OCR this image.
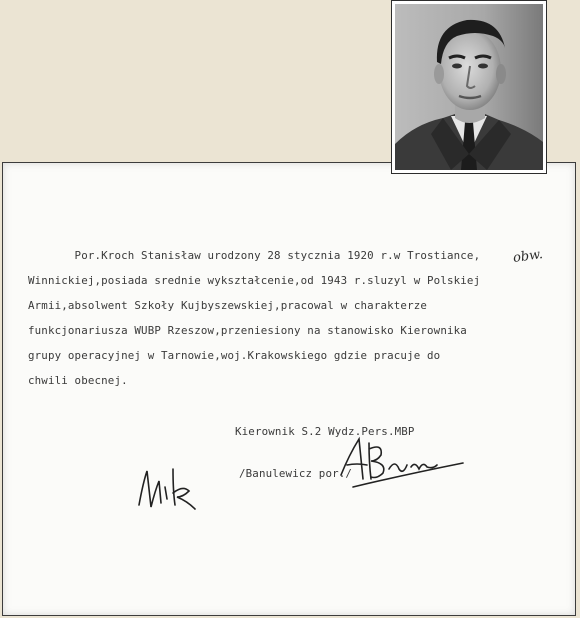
Por.Kroch Stanisław urodzony 28 stycznia 1920 r.w Trostiance,
Winnickiej,posiada srednie wykształcenie,od 1943 r.sluzyl w Polskiej
Armii,absolwent Szkoły Kujbyszewskiej,pracowal w charakterze
funkcjonariusza WUBP Rzeszow,przeniesiony na stanowisko Kierownika
grupy operacyjnej w Tarnowie,woj.Krakowskiego gdzie pracuje do
chwili obecnej.
obw.
Kierownik S.2 Wydz.Pers.MBP
/Banulewicz por./
